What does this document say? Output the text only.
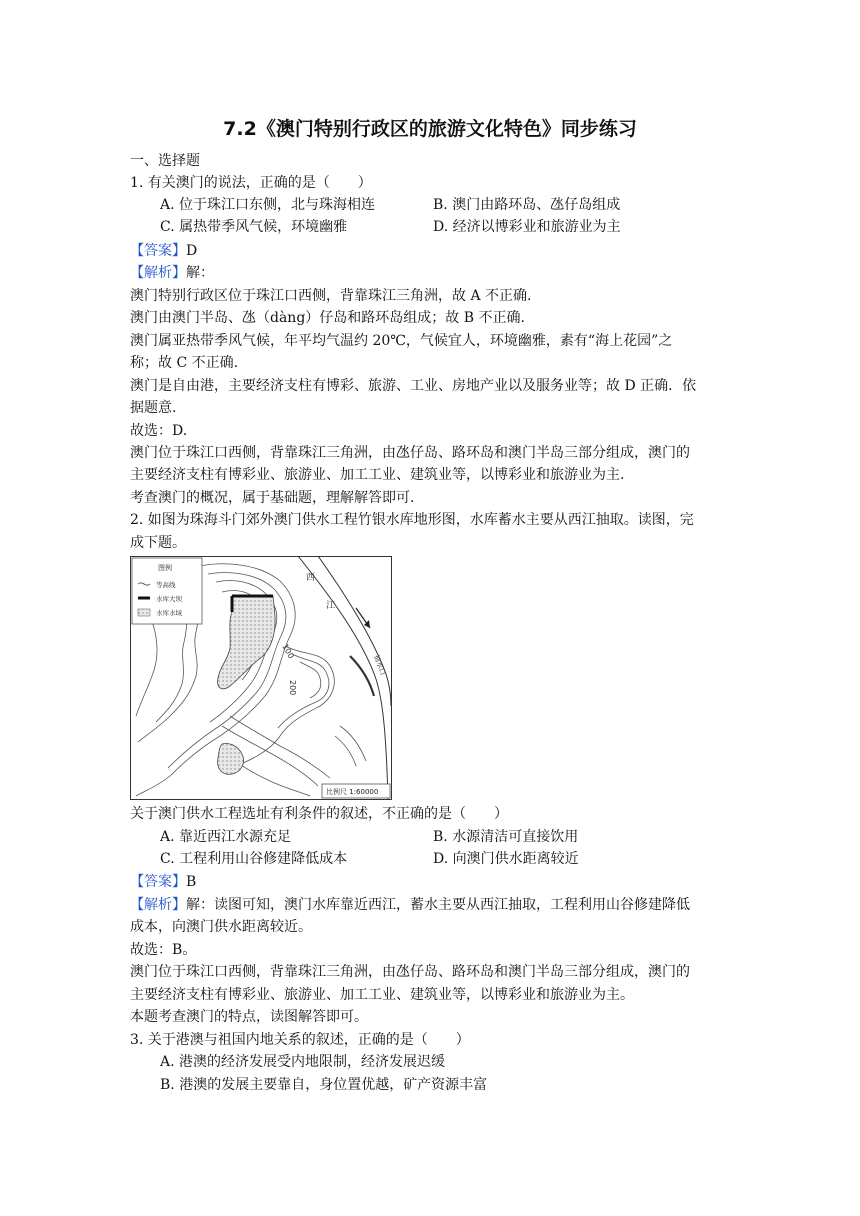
7.2《澳门特别行政区的旅游文化特色》同步练习
一、选择题
1. 有关澳门的说法，正确的是（　　）
A. 位于珠江口东侧，北与珠海相连	B. 澳门由路环岛、氹仔岛组成
C. 属热带季风气候，环境幽雅	D. 经济以博彩业和旅游业为主
【答案】D
【解析】解：
澳门特别行政区位于珠江口西侧，背靠珠江三角洲，故 A 不正确.
澳门由澳门半岛、氹（dàng）仔岛和路环岛组成；故 B 不正确.
澳门属亚热带季风气候，年平均气温约 20℃，气候宜人，环境幽雅，素有“海上花园”之
称；故 C 不正确.
澳门是自由港，主要经济支柱有博彩、旅游、工业、房地产业以及服务业等；故 D 正确．依
据题意.
故选：D.
澳门位于珠江口西侧，背靠珠江三角洲，由氹仔岛、路环岛和澳门半岛三部分组成，澳门的
主要经济支柱有博彩业、旅游业、加工工业、建筑业等，以博彩业和旅游业为主.
考查澳门的概况，属于基础题，理解解答即可.
2. 如图为珠海斗门郊外澳门供水工程竹银水库地形图，水库蓄水主要从西江抽取。读图，完
成下题。
西
江
抽水口
100
200
图例
等高线
水库大坝
水库水域
比例尺 1:60000
关于澳门供水工程选址有利条件的叙述，不正确的是（　　）
A. 靠近西江水源充足	B. 水源清洁可直接饮用
C. 工程利用山谷修建降低成本	D. 向澳门供水距离较近
【答案】B
【解析】解：读图可知，澳门水库靠近西江，蓄水主要从西江抽取，工程利用山谷修建降低
成本，向澳门供水距离较近。
故选：B。
澳门位于珠江口西侧，背靠珠江三角洲，由氹仔岛、路环岛和澳门半岛三部分组成，澳门的
主要经济支柱有博彩业、旅游业、加工工业、建筑业等，以博彩业和旅游业为主。
本题考查澳门的特点，读图解答即可。
3. 关于港澳与祖国内地关系的叙述，正确的是（　　）
A. 港澳的经济发展受内地限制，经济发展迟缓
B. 港澳的发展主要靠自，身位置优越，矿产资源丰富
